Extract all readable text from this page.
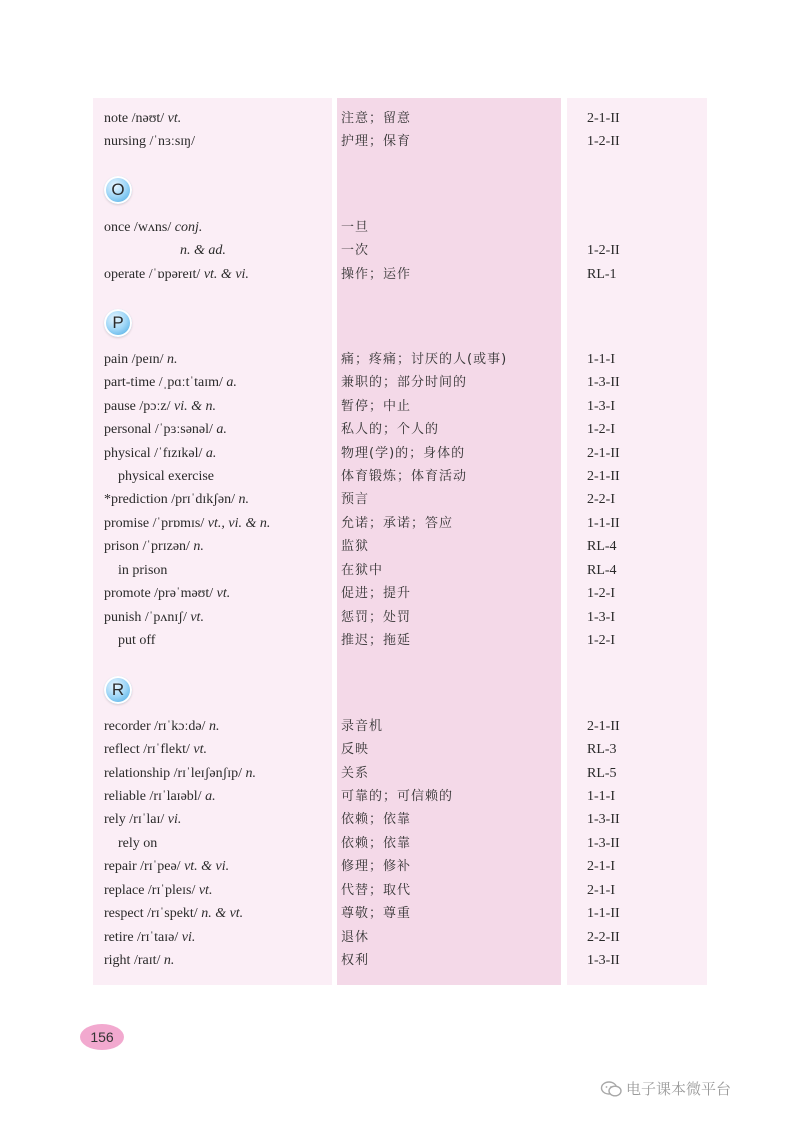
note /nəʊt/ vt.	注意；留意	2-1-II
nursing /ˈnɜːsɪŋ/	护理；保育	1-2-II
once /wʌns/ conj.	一旦
n. & ad.	一次	1-2-II
operate /ˈɒpəreɪt/ vt. & vi.	操作；运作	RL-1
pain /peɪn/ n.	痛；疼痛；讨厌的人(或事)	1-1-I
part-time /ˌpɑːtˈtaɪm/ a.	兼职的；部分时间的	1-3-II
pause /pɔːz/ vi. & n.	暂停；中止	1-3-I
personal /ˈpɜːsənəl/ a.	私人的；个人的	1-2-I
physical /ˈfɪzɪkəl/ a.	物理(学)的；身体的	2-1-II
physical exercise	体育锻炼；体育活动	2-1-II
*prediction /prɪˈdɪkʃən/ n.	预言	2-2-I
promise /ˈprɒmɪs/ vt., vi. & n.	允诺；承诺；答应	1-1-II
prison /ˈprɪzən/ n.	监狱	RL-4
in prison	在狱中	RL-4
promote /prəˈməʊt/ vt.	促进；提升	1-2-I
punish /ˈpʌnɪʃ/ vt.	惩罚；处罚	1-3-I
put off	推迟；拖延	1-2-I
recorder /rɪˈkɔːdə/ n.	录音机	2-1-II
reflect /rɪˈflekt/ vt.	反映	RL-3
relationship /rɪˈleɪʃənʃɪp/ n.	关系	RL-5
reliable /rɪˈlaɪəbl/ a.	可靠的；可信赖的	1-1-I
rely /rɪˈlaɪ/ vi.	依赖；依靠	1-3-II
rely on	依赖；依靠	1-3-II
repair /rɪˈpeə/ vt. & vi.	修理；修补	2-1-I
replace /rɪˈpleɪs/ vt.	代替；取代	2-1-I
respect /rɪˈspekt/ n. & vt.	尊敬；尊重	1-1-II
retire /rɪˈtaɪə/ vi.	退休	2-2-II
right /raɪt/ n.	权利	1-3-II
O
P
R
156
电子课本微平台
